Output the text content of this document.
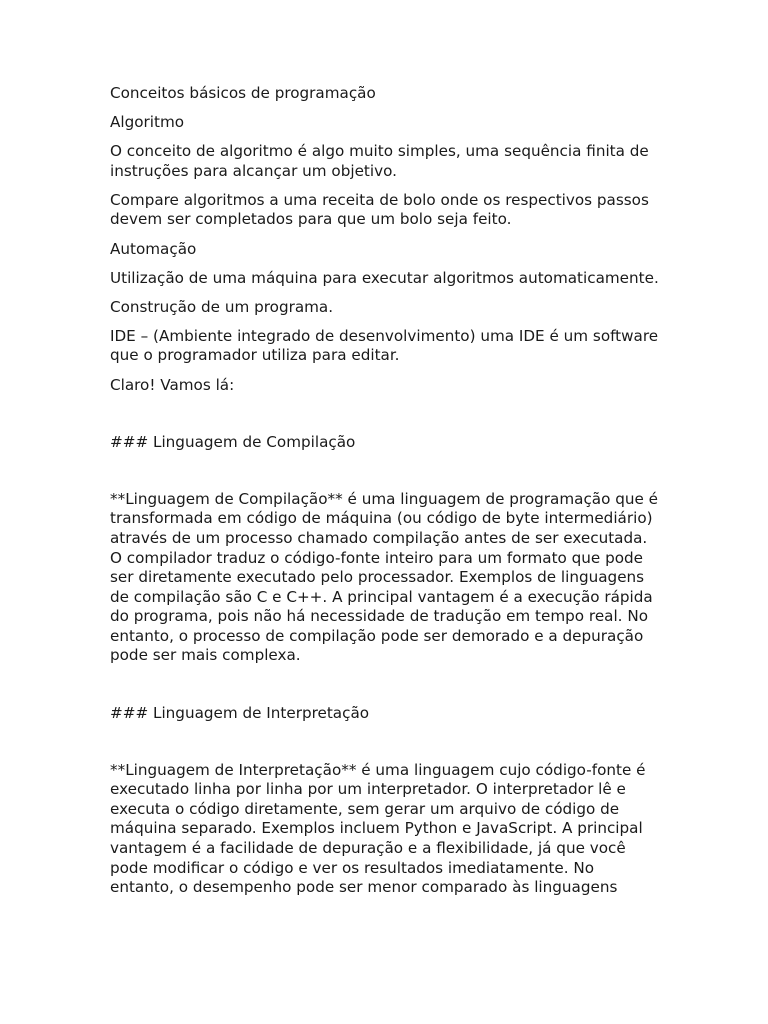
Conceitos básicos de programação

Algoritmo

O conceito de algoritmo é algo muito simples, uma sequência finita de instruções para alcançar um objetivo.

Compare algoritmos a uma receita de bolo onde os respectivos passos devem ser completados para que um bolo seja feito.

Automação

Utilização de uma máquina para executar algoritmos automaticamente.

Construção de um programa.

IDE – (Ambiente integrado de desenvolvimento) uma IDE é um software que o programador utiliza para editar.

Claro! Vamos lá:

### Linguagem de Compilação

**Linguagem de Compilação** é uma linguagem de programação que é transformada em código de máquina (ou código de byte intermediário) através de um processo chamado compilação antes de ser executada. O compilador traduz o código-fonte inteiro para um formato que pode ser diretamente executado pelo processador. Exemplos de linguagens de compilação são C e C++. A principal vantagem é a execução rápida do programa, pois não há necessidade de tradução em tempo real. No entanto, o processo de compilação pode ser demorado e a depuração pode ser mais complexa.

### Linguagem de Interpretação

**Linguagem de Interpretação** é uma linguagem cujo código-fonte é executado linha por linha por um interpretador. O interpretador lê e executa o código diretamente, sem gerar um arquivo de código de máquina separado. Exemplos incluem Python e JavaScript. A principal vantagem é a facilidade de depuração e a flexibilidade, já que você pode modificar o código e ver os resultados imediatamente. No entanto, o desempenho pode ser menor comparado às linguagens
